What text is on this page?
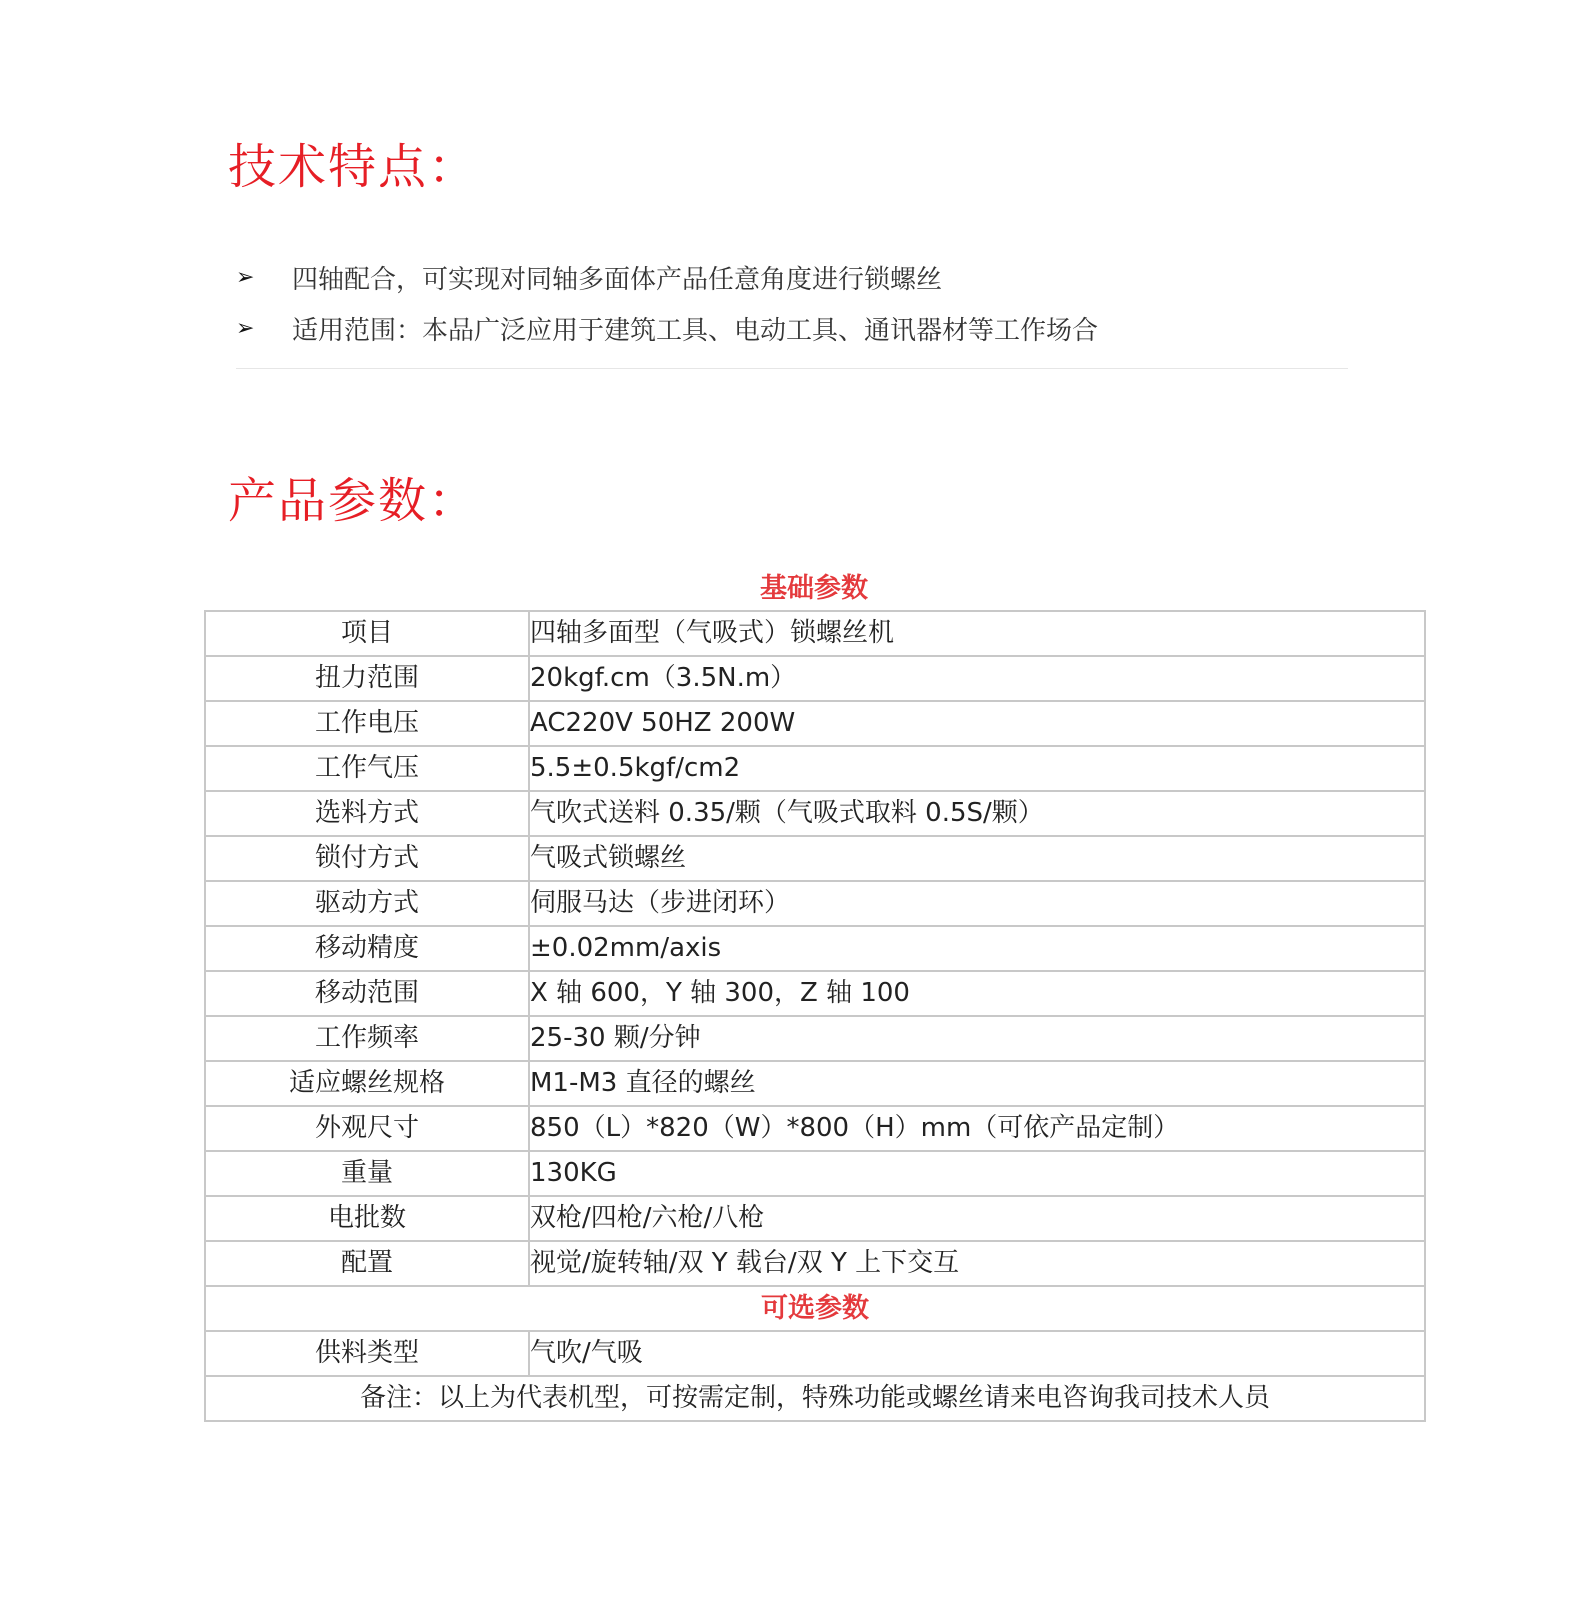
技术特点：
➢	四轴配合，可实现对同轴多面体产品任意角度进行锁螺丝
➢	适用范围：本品广泛应用于建筑工具、电动工具、通讯器材等工作场合
产品参数：
基础参数
项目	四轴多面型（气吸式）锁螺丝机
扭力范围	20kgf.cm（3.5N.m）
工作电压	AC220V 50HZ 200W
工作气压	5.5±0.5kgf/cm2
选料方式	气吹式送料 0.35/颗（气吸式取料 0.5S/颗）
锁付方式	气吸式锁螺丝
驱动方式	伺服马达（步进闭环）
移动精度	±0.02mm/axis
移动范围	X 轴 600，Y 轴 300，Z 轴 100
工作频率	25-30 颗/分钟
适应螺丝规格	M1-M3 直径的螺丝
外观尺寸	850（L）*820（W）*800（H）mm（可依产品定制）
重量	130KG
电批数	双枪/四枪/六枪/八枪
配置	视觉/旋转轴/双 Y 载台/双 Y 上下交互
可选参数	
供料类型	气吹/气吸
备注：以上为代表机型，可按需定制，特殊功能或螺丝请来电咨询我司技术人员	
